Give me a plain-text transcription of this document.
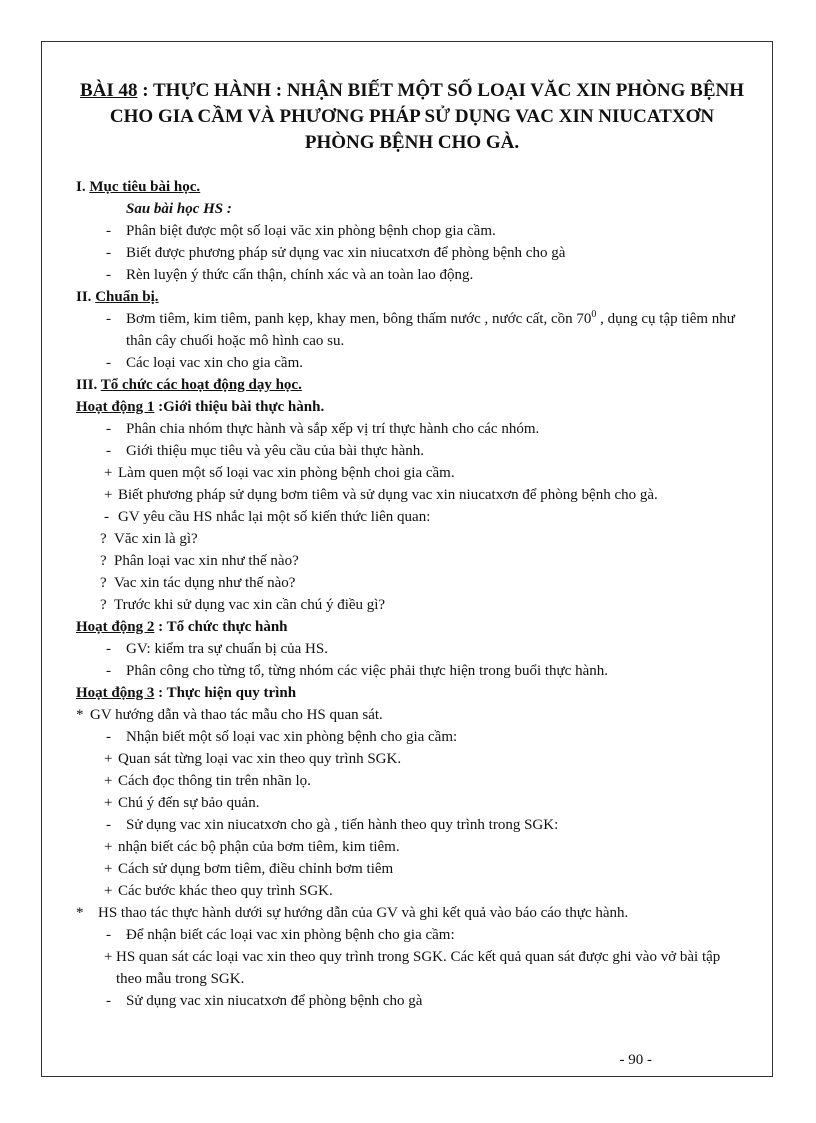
BÀI 48 : THỰC HÀNH : NHẬN BIẾT MỘT SỐ LOẠI VĂC XIN PHÒNG BỆNH
CHO GIA CẦM VÀ PHƯƠNG PHÁP SỬ DỤNG VAC XIN NIUCATXƠN
PHÒNG BỆNH CHO GÀ.

I. Mục tiêu bài học.

Sau bài học HS :

- Phân biệt được một số loại văc xin phòng bệnh chop gia cầm.

- Biết được phương pháp sử dụng vac xin niucatxơn để phòng bệnh cho gà

- Rèn luyện ý thức cẩn thận, chính xác và an toàn lao động.

II. Chuẩn bị.

- Bơm tiêm, kim tiêm, panh kẹp, khay men, bông thấm nước , nước cất, cồn $70^0$ , dụng cụ tập tiêm như thân cây chuối hoặc mô hình cao su.

- Các loại vac xin cho gia cầm.

III. Tổ chức các hoạt động dạy học.

Hoạt động 1 :Giới thiệu bài thực hành.

- Phân chia nhóm thực hành và sắp xếp vị trí thực hành cho các nhóm.

- Giới thiệu mục tiêu và yêu cầu của bài thực hành.

+ Làm quen một số loại vac xin phòng bệnh choi gia cầm.

+ Biết phương pháp sử dụng bơm tiêm và sử dụng vac xin niucatxơn để phòng bệnh cho gà.

- GV yêu cầu HS nhắc lại một số kiến thức liên quan:

? Văc xin là gì?

? Phân loại vac xin như thế nào?

? Vac xin tác dụng như thế nào?

? Trước khi sử dụng vac xin cần chú ý điều gì?

Hoạt động 2 : Tổ chức thực hành

- GV: kiểm tra sự chuẩn bị của HS.

- Phân công cho từng tổ, từng nhóm các việc phải thực hiện trong buổi thực hành.

Hoạt động 3 : Thực hiện quy trình

* GV hướng dẫn và thao tác mẫu cho HS quan sát.

- Nhận biết một số loại vac xin phòng bệnh cho gia cầm:

+ Quan sát từng loại vac xin theo quy trình SGK.

+ Cách đọc thông tin trên nhãn lọ.

+ Chú ý đến sự bảo quản.

- Sử dụng vac xin niucatxơn cho gà , tiến hành theo quy trình trong SGK:

+ nhận biết các bộ phận của bơm tiêm, kim tiêm.

+ Cách sử dụng bơm tiêm, điều chỉnh bơm tiêm

+ Các bước khác theo quy trình SGK.

* HS thao tác thực hành dưới sự hướng dẫn của GV và ghi kết quả vào báo cáo thực hành.

- Để nhận biết các loại vac xin phòng bệnh cho gia cầm:

+ HS quan sát các loại vac xin theo quy trình trong SGK. Các kết quả quan sát được ghi vào vở bài tập theo mẫu trong SGK.

- Sử dụng vac xin niucatxơn để phòng bệnh cho gà

- 90 -
